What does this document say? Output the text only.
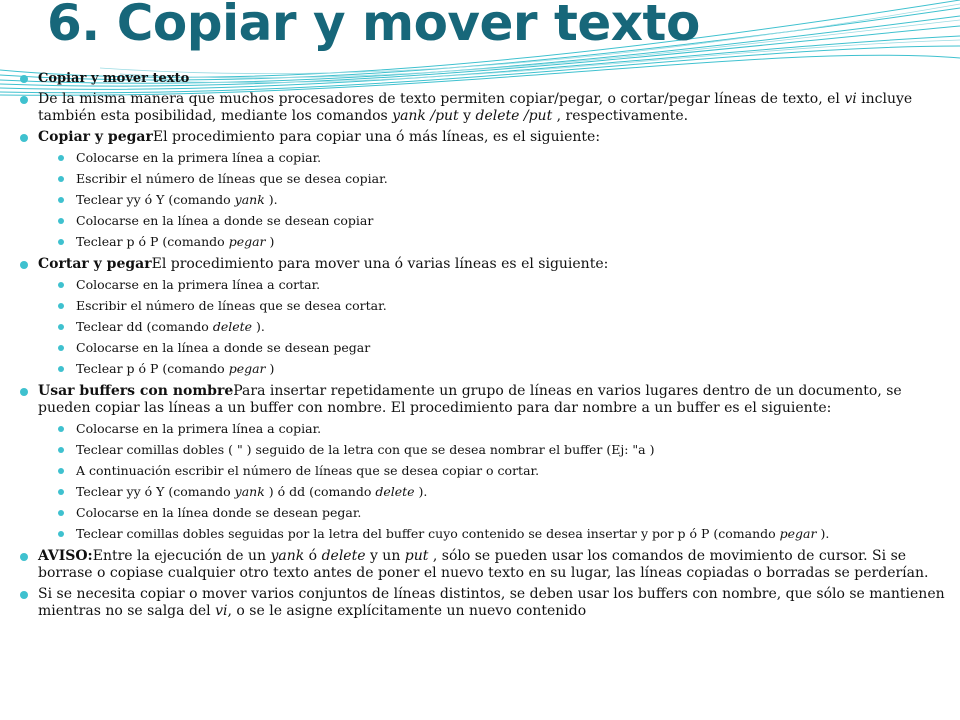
6. Copiar y mover texto
Copiar y mover texto
De la misma manera que muchos procesadores de texto permiten copiar/pegar, o cortar/pegar líneas de texto, el vi incluye también esta posibilidad, mediante los comandos yank /put y delete /put , respectivamente.
Copiar y pegarEl procedimiento para copiar una ó más líneas, es el siguiente:
Colocarse en la primera línea a copiar.
Escribir el número de líneas que se desea copiar.
Teclear yy ó Y (comando yank ).
Colocarse en la línea a donde se desean copiar
Teclear p ó P (comando pegar )
Cortar y pegarEl procedimiento para mover una ó varias líneas es el siguiente:
Colocarse en la primera línea a cortar.
Escribir el número de líneas que se desea cortar.
Teclear dd (comando delete ).
Colocarse en la línea a donde se desean pegar
Teclear p ó P (comando pegar )
Usar buffers con nombrePara insertar repetidamente un grupo de líneas en varios lugares dentro de un documento, se pueden copiar las líneas a un buffer con nombre. El procedimiento para dar nombre a un buffer es el siguiente:
Colocarse en la primera línea a copiar.
Teclear comillas dobles ( " ) seguido de la letra con que se desea nombrar el buffer (Ej: "a )
A continuación escribir el número de líneas que se desea copiar o cortar.
Teclear yy ó Y (comando yank ) ó dd (comando delete ).
Colocarse en la línea donde se desean pegar.
Teclear comillas dobles seguidas por la letra del buffer cuyo contenido se desea insertar y por p ó P (comando pegar ).
AVISO:Entre la ejecución de un yank ó delete y un put , sólo se pueden usar los comandos de movimiento de cursor. Si se borrase o copiase cualquier otro texto antes de poner el nuevo texto en su lugar, las líneas copiadas o borradas se perderían.
Si se necesita copiar o mover varios conjuntos de líneas distintos, se deben usar los buffers con nombre, que sólo se mantienen mientras no se salga del vi, o se le asigne explícitamente un nuevo contenido
